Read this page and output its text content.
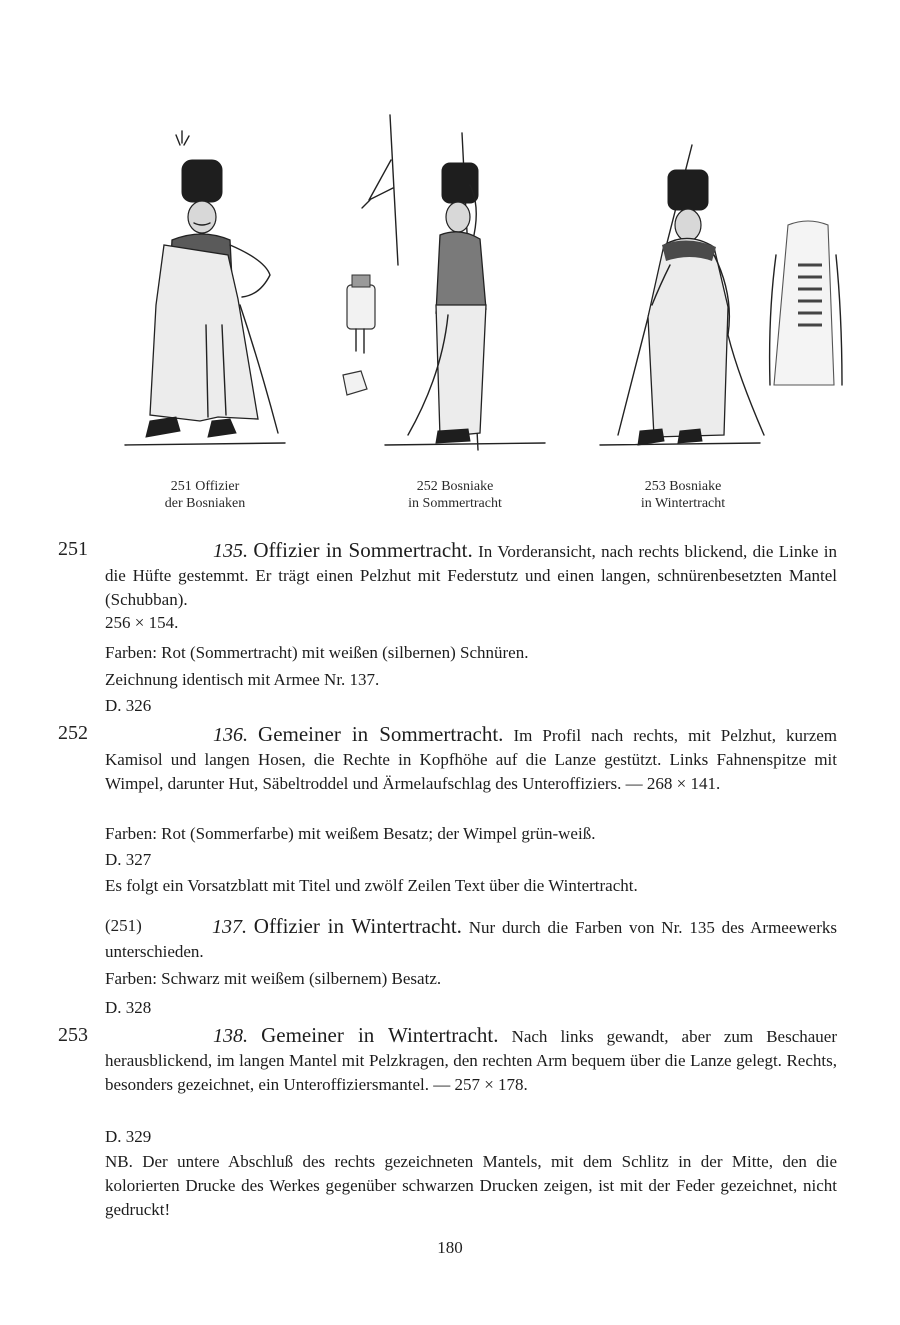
251 Offizier
der Bosniaken
252 Bosniake
in Sommertracht
253 Bosniake
in Wintertracht
251	135. Offizier in Sommertracht. In Vorderansicht, nach rechts blickend, die Linke in die Hüfte gestemmt. Er trägt einen Pelzhut mit Federstutz und einen langen, schnürenbesetzten Mantel (Schubban).
256 × 154.
Farben: Rot (Sommertracht) mit weißen (silbernen) Schnüren.
Zeichnung identisch mit Armee Nr. 137.
D. 326
252	136. Gemeiner in Sommertracht. Im Profil nach rechts, mit Pelzhut, kurzem Kamisol und langen Hosen, die Rechte in Kopfhöhe auf die Lanze gestützt. Links Fahnenspitze mit Wimpel, darunter Hut, Säbeltroddel und Ärmelaufschlag des Unteroffiziers. — 268 × 141.
Farben: Rot (Sommerfarbe) mit weißem Besatz; der Wimpel grün-weiß.
D. 327
Es folgt ein Vorsatzblatt mit Titel und zwölf Zeilen Text über die Wintertracht.
(251)	137. Offizier in Wintertracht. Nur durch die Farben von Nr. 135 des Armeewerks unterschieden.
Farben: Schwarz mit weißem (silbernem) Besatz.
D. 328
253	138. Gemeiner in Wintertracht. Nach links gewandt, aber zum Beschauer herausblickend, im langen Mantel mit Pelzkragen, den rechten Arm bequem über die Lanze gelegt. Rechts, besonders gezeichnet, ein Unteroffiziersmantel. — 257 × 178.
D. 329
NB. Der untere Abschluß des rechts gezeichneten Mantels, mit dem Schlitz in der Mitte, den die kolorierten Drucke des Werkes gegenüber schwarzen Drucken zeigen, ist mit der Feder gezeichnet, nicht gedruckt!
180
